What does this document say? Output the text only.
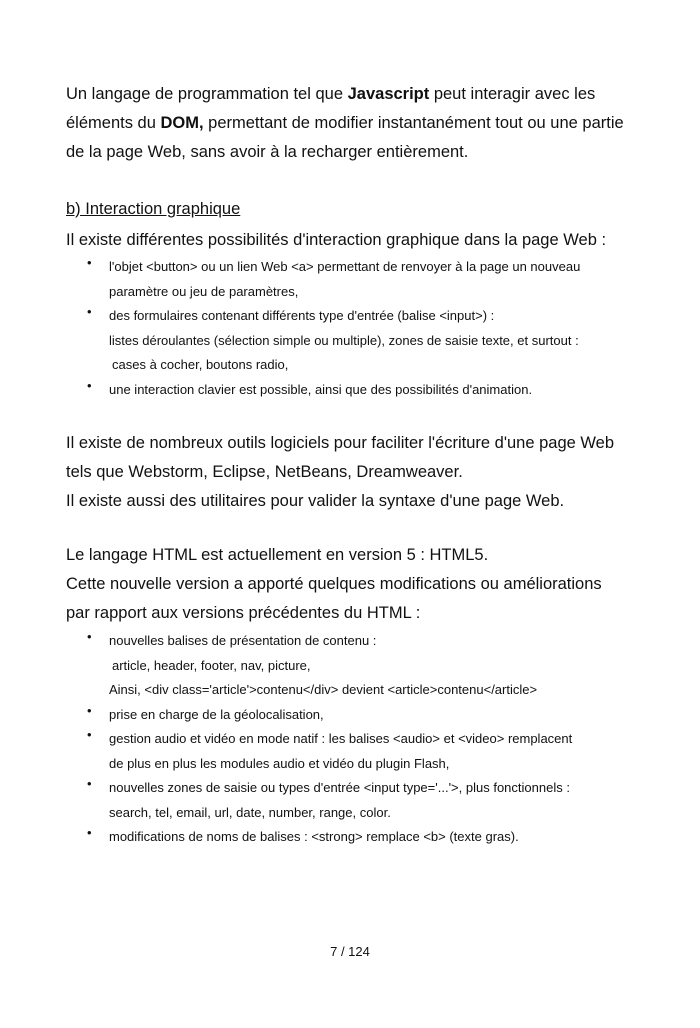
Un langage de programmation tel que Javascript peut interagir avec les
éléments du DOM, permettant de modifier instantanément tout ou une partie
de la page Web, sans avoir à la recharger entièrement.
b) Interaction graphique
Il existe différentes possibilités d'interaction graphique dans la page Web :
• l'objet <button> ou un lien Web <a> permettant de renvoyer à la page un nouveau
paramètre ou jeu de paramètres,
• des formulaires contenant différents type d'entrée (balise <input>) :
listes déroulantes (sélection simple ou multiple), zones de saisie texte, et surtout :
cases à cocher, boutons radio,
• une interaction clavier est possible, ainsi que des possibilités d'animation.
Il existe de nombreux outils logiciels pour faciliter l'écriture d'une page Web
tels que Webstorm, Eclipse, NetBeans, Dreamweaver.
Il existe aussi des utilitaires pour valider la syntaxe d'une page Web.
Le langage HTML est actuellement en version 5 : HTML5.
Cette nouvelle version a apporté quelques modifications ou améliorations
par rapport aux versions précédentes du HTML :
• nouvelles balises de présentation de contenu :
article, header, footer, nav, picture,
Ainsi, <div class='article'>contenu</div> devient <article>contenu</article>
• prise en charge de la géolocalisation,
• gestion audio et vidéo en mode natif : les balises <audio> et <video> remplacent
de plus en plus les modules audio et vidéo du plugin Flash,
• nouvelles zones de saisie ou types d'entrée <input type='...'>, plus fonctionnels :
search, tel, email, url, date, number, range, color.
• modifications de noms de balises : <strong> remplace <b> (texte gras).
7 / 124
